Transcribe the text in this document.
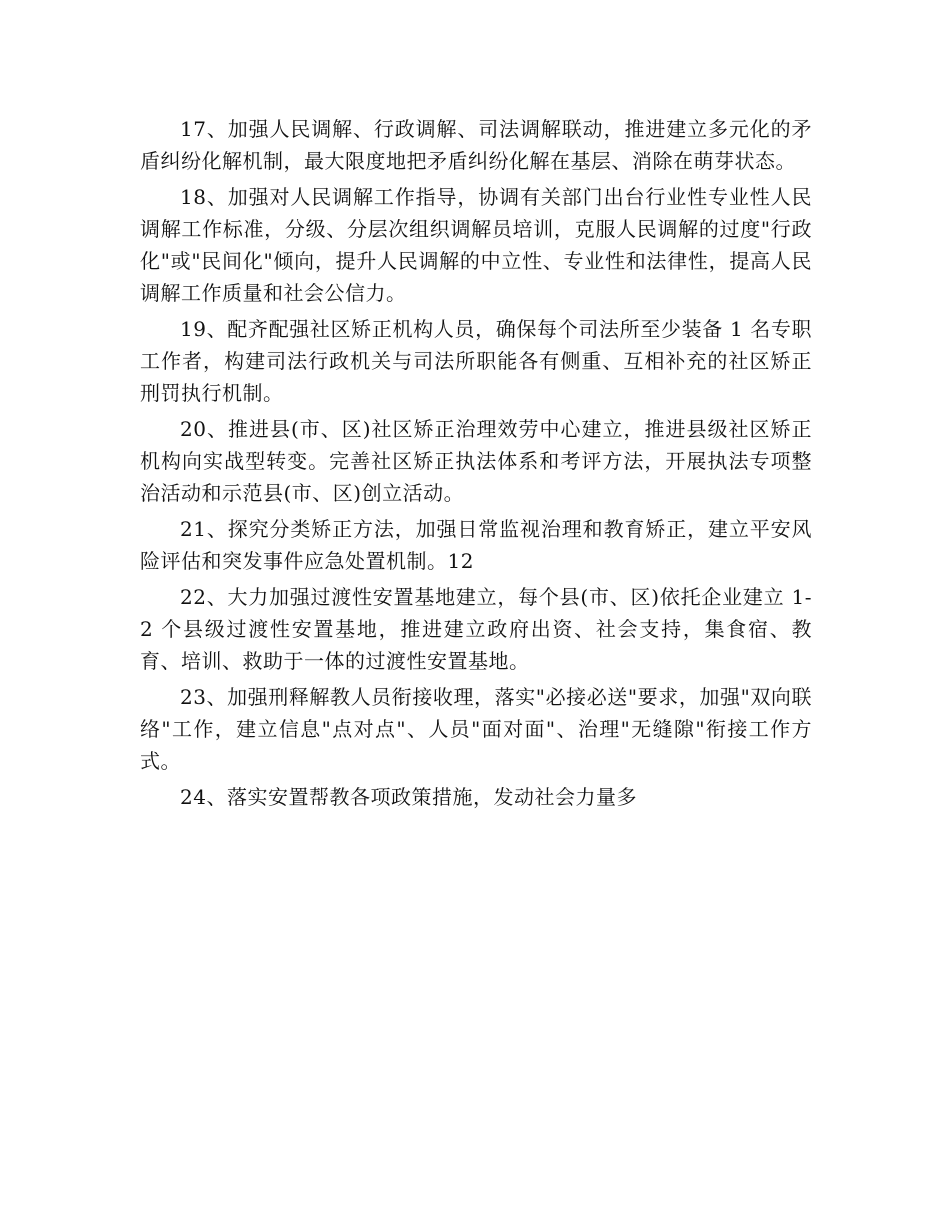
17、加强人民调解、行政调解、司法调解联动，推进建立多元化的矛盾纠纷化解机制，最大限度地把矛盾纠纷化解在基层、消除在萌芽状态。

18、加强对人民调解工作指导，协调有关部门出台行业性专业性人民调解工作标准，分级、分层次组织调解员培训，克服人民调解的过度"行政化"或"民间化"倾向，提升人民调解的中立性、专业性和法律性，提高人民调解工作质量和社会公信力。

19、配齐配强社区矫正机构人员，确保每个司法所至少装备 1 名专职工作者，构建司法行政机关与司法所职能各有侧重、互相补充的社区矫正刑罚执行机制。

20、推进县(市、区)社区矫正治理效劳中心建立，推进县级社区矫正机构向实战型转变。完善社区矫正执法体系和考评方法，开展执法专项整治活动和示范县(市、区)创立活动。

21、探究分类矫正方法，加强日常监视治理和教育矫正，建立平安风险评估和突发事件应急处置机制。12

22、大力加强过渡性安置基地建立，每个县(市、区)依托企业建立 1-2 个县级过渡性安置基地，推进建立政府出资、社会支持，集食宿、教育、培训、救助于一体的过渡性安置基地。

23、加强刑释解教人员衔接收理，落实"必接必送"要求，加强"双向联络"工作，建立信息"点对点"、人员"面对面"、治理"无缝隙"衔接工作方式。

24、落实安置帮教各项政策措施，发动社会力量多
